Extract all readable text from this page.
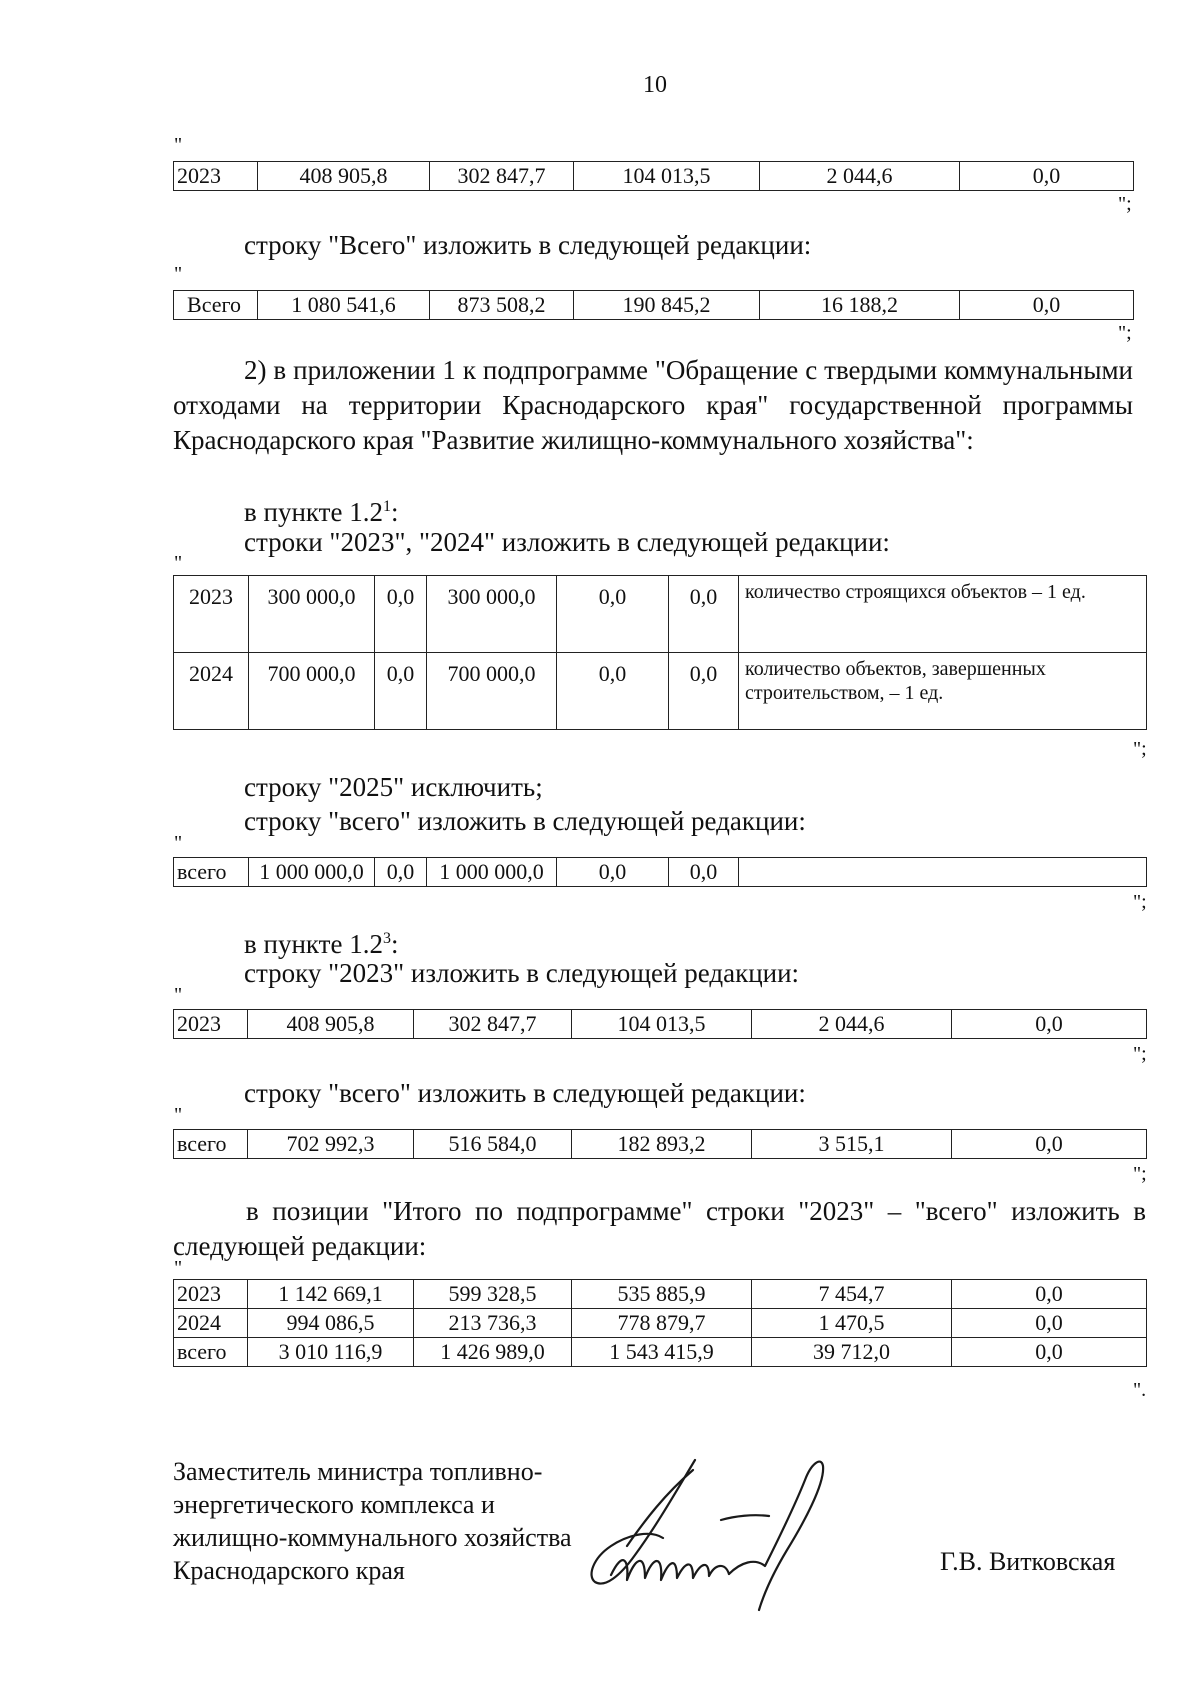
10
"
2023	408 905,8	302 847,7	104 013,5	2 044,6	0,0
";
строку "Всего" изложить в следующей редакции:
"
Всего	1 080 541,6	873 508,2	190 845,2	16 188,2	0,0
";
2) в приложении 1 к подпрограмме "Обращение с твердыми коммунальными отходами на территории Краснодарского края" государственной программы Краснодарского края "Развитие жилищно-коммунального хозяйства":
в пункте $1.2^1$:
строки "2023", "2024" изложить в следующей редакции:
"
2023	300 000,0	0,0	300 000,0	0,0	0,0	количество строящихся объектов – 1 ед.
2024	700 000,0	0,0	700 000,0	0,0	0,0	количество объектов, завершенных строительством, – 1 ед.
";
строку "2025" исключить;
строку "всего" изложить в следующей редакции:
"
всего	1 000 000,0	0,0	1 000 000,0	0,0	0,0	
";
в пункте $1.2^3$:
строку "2023" изложить в следующей редакции:
"
2023	408 905,8	302 847,7	104 013,5	2 044,6	0,0
";
строку "всего" изложить в следующей редакции:
"
всего	702 992,3	516 584,0	182 893,2	3 515,1	0,0
";
в позиции "Итого по подпрограмме" строки "2023" – "всего" изложить в следующей редакции:
"
2023	1 142 669,1	599 328,5	535 885,9	7 454,7	0,0
2024	994 086,5	213 736,3	778 879,7	1 470,5	0,0
всего	3 010 116,9	1 426 989,0	1 543 415,9	39 712,0	0,0
".
Заместитель министра топливно-
энергетического комплекса и
жилищно-коммунального хозяйства
Краснодарского края	Г.В. Витковская
